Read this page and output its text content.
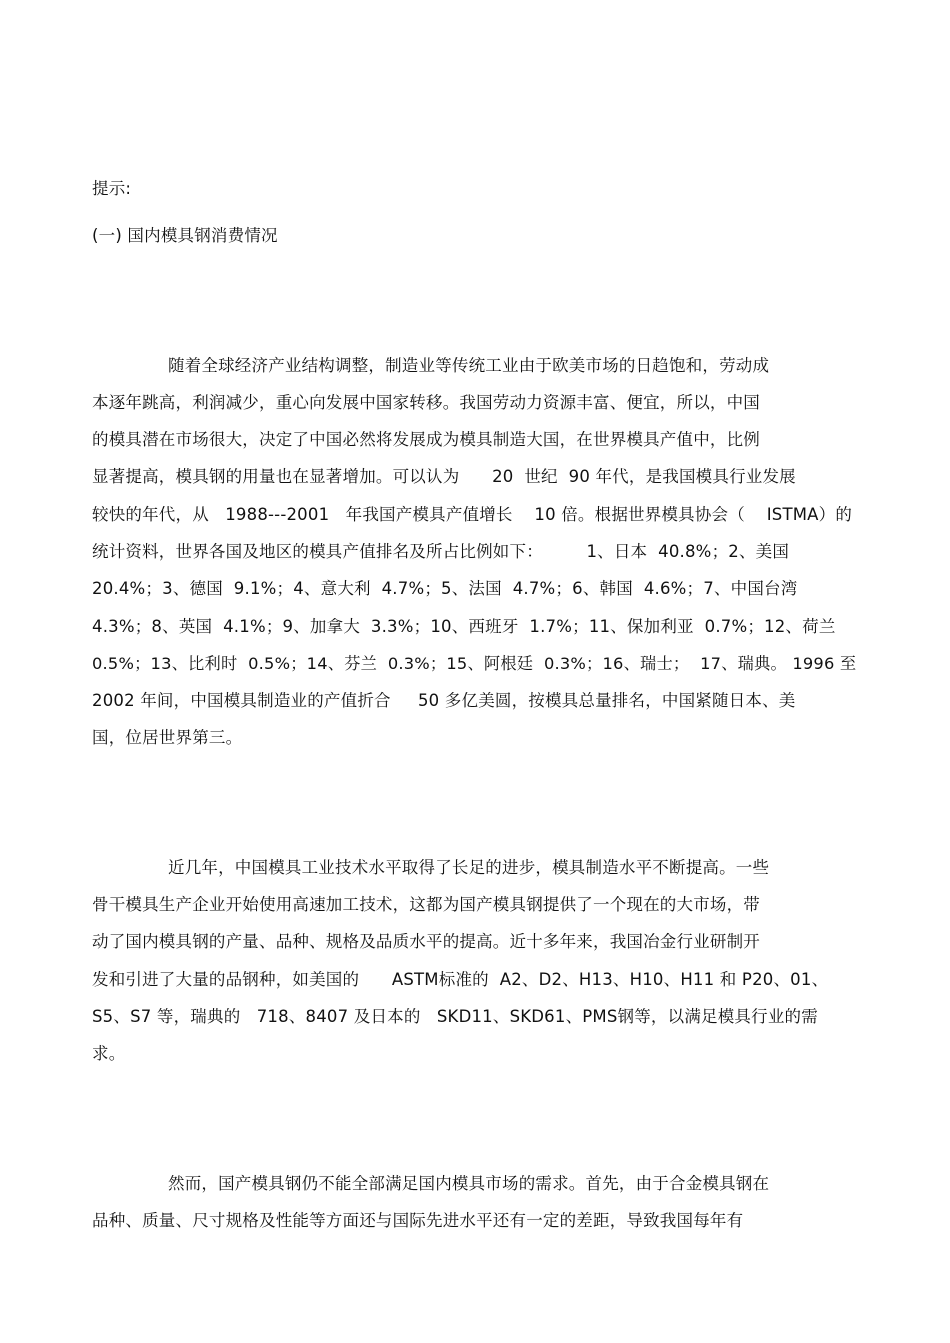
提示:
(一) 国内模具钢消费情况
随着全球经济产业结构调整，制造业等传统工业由于欧美市场的日趋饱和，劳动成
本逐年跳高，利润减少，重心向发展中国家转移。我国劳动力资源丰富、便宜，所以，中国
的模具潜在市场很大，决定了中国必然将发展成为模具制造大国，在世界模具产值中，比例
显著提高，模具钢的用量也在显著增加。可以认为      20  世纪  90 年代，是我国模具行业发展
较快的年代，从   1988---2001   年我国产模具产值增长    10 倍。根据世界模具协会（    ISTMA）的
统计资料，世界各国及地区的模具产值排名及所占比例如下：        1、日本  40.8%；2、美国
20.4%；3、德国  9.1%；4、意大利  4.7%；5、法国  4.7%；6、韩国  4.6%；7、中国台湾
4.3%；8、英国  4.1%；9、加拿大  3.3%；10、西班牙  1.7%；11、保加利亚  0.7%；12、荷兰
0.5%；13、比利时  0.5%；14、芬兰  0.3%；15、阿根廷  0.3%；16、瑞士；  17、瑞典。 1996 至
2002 年间，中国模具制造业的产值折合     50 多亿美圆，按模具总量排名，中国紧随日本、美
国，位居世界第三。
近几年，中国模具工业技术水平取得了长足的进步，模具制造水平不断提高。一些
骨干模具生产企业开始使用高速加工技术，这都为国产模具钢提供了一个现在的大市场，带
动了国内模具钢的产量、品种、规格及品质水平的提高。近十多年来，我国冶金行业研制开
发和引进了大量的品钢种，如美国的      ASTM标准的  A2、D2、H13、H10、H11 和 P20、01、
S5、S7 等，瑞典的   718、8407 及日本的   SKD11、SKD61、PMS钢等，以满足模具行业的需
求。
然而，国产模具钢仍不能全部满足国内模具市场的需求。首先，由于合金模具钢在
品种、质量、尺寸规格及性能等方面还与国际先进水平还有一定的差距，导致我国每年有
